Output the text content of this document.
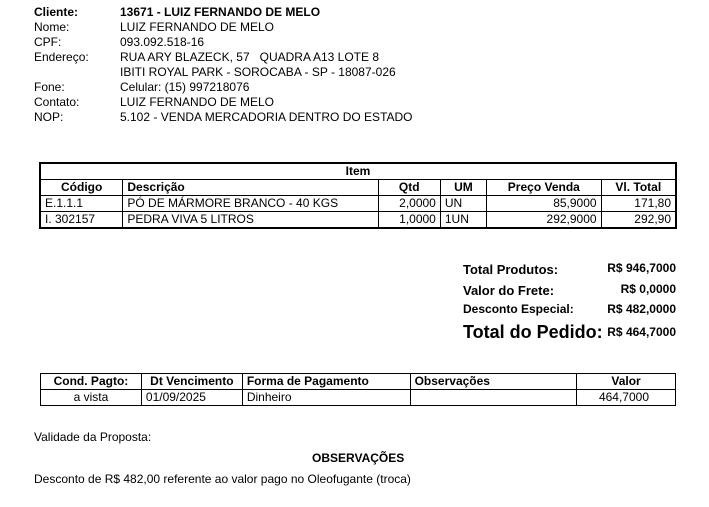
Cliente:	13671 - LUIZ FERNANDO DE MELO
Nome:	LUIZ FERNANDO DE MELO
CPF:	093.092.518-16
Endereço:	RUA ARY BLAZECK, 57   QUADRA A13 LOTE 8
IBITI ROYAL PARK - SOROCABA - SP - 18087-026
Fone:	Celular: (15) 997218076
Contato:	LUIZ FERNANDO DE MELO
NOP:	5.102 - VENDA MERCADORIA DENTRO DO ESTADO
Item					
Código	Descrição	Qtd	UM	Preço Venda	Vl. Total
E.1.1.1	PÓ DE MÁRMORE BRANCO - 40 KGS	2,0000	UN	85,9000	171,80
I. 302157	PEDRA VIVA 5 LITROS	1,0000	1UN	292,9000	292,90
Total Produtos:	R$ 946,7000
Valor do Frete:	R$ 0,0000
Desconto Especial:	R$ 482,0000
Total do Pedido: R$ 464,7000
Cond. Pagto:	Dt Vencimento	Forma de Pagamento	Observações	Valor
a vista	01/09/2025	Dinheiro		464,7000
Validade da Proposta:
OBSERVAÇÕES
Desconto de R$ 482,00 referente ao valor pago no Oleofugante (troca)
